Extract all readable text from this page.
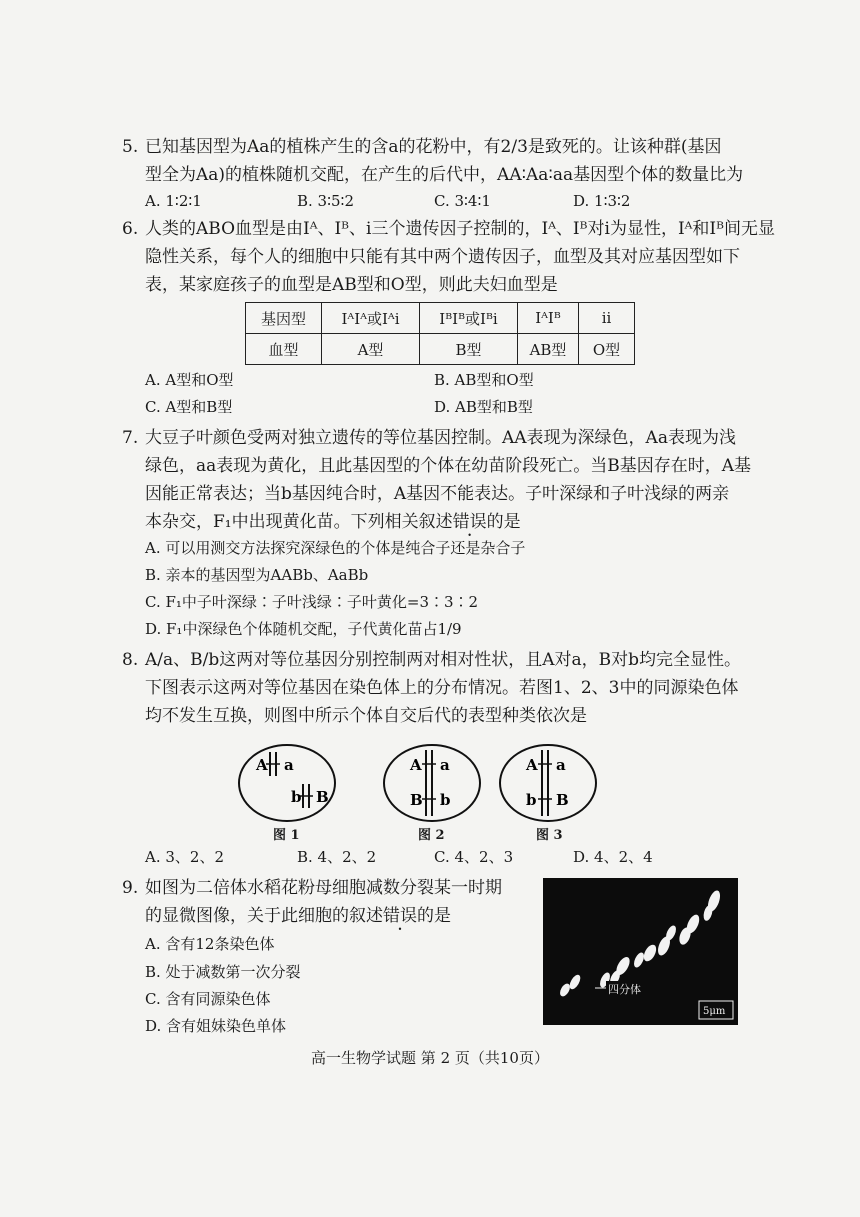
5. 已知基因型为Aa的植株产生的含a的花粉中，有2/3是致死的。让该种群(基因
型全为Aa)的植株随机交配，在产生的后代中，AA∶Aa∶aa基因型个体的数量比为
A. 1∶2∶1	B. 3∶5∶2	C. 3∶4∶1	D. 1∶3∶2
6. 人类的ABO血型是由Iᴬ、Iᴮ、i三个遗传因子控制的，Iᴬ、Iᴮ对i为显性，Iᴬ和Iᴮ间无显
隐性关系，每个人的细胞中只能有其中两个遗传因子，血型及其对应基因型如下
表，某家庭孩子的血型是AB型和O型，则此夫妇血型是
基因型	IᴬIᴬ或Iᴬi	IᴮIᴮ或Iᴮi	IᴬIᴮ	ii
血型	A型	B型	AB型	O型
A. A型和O型	B. AB型和O型
C. A型和B型	D. AB型和B型
7. 大豆子叶颜色受两对独立遗传的等位基因控制。AA表现为深绿色，Aa表现为浅
绿色，aa表现为黄化，且此基因型的个体在幼苗阶段死亡。当B基因存在时，A基
因能正常表达；当b基因纯合时，A基因不能表达。子叶深绿和子叶浅绿的两亲
本杂交，F₁中出现黄化苗。下列相关叙述错误的是
A. 可以用测交方法探究深绿色的个体是纯合子还是杂合子
B. 亲本的基因型为AABb、AaBb
C. F₁中子叶深绿∶子叶浅绿∶子叶黄化=3∶3∶2
D. F₁中深绿色个体随机交配，子代黄化苗占1/9
8. A/a、B/b这两对等位基因分别控制两对相对性状，且A对a，B对b均完全显性。
下图表示这两对等位基因在染色体上的分布情况。若图1、2、3中的同源染色体
均不发生互换，则图中所示个体自交后代的表型种类依次是
A a
b B
图 1
A a
B b
图 2
A a
b B
图 3
A. 3、2、2	B. 4、2、2	C. 4、2、3	D. 4、2、4
9. 如图为二倍体水稻花粉母细胞减数分裂某一时期
的显微图像，关于此细胞的叙述错误的是
A. 含有12条染色体
B. 处于减数第一次分裂
C. 含有同源染色体
D. 含有姐妹染色单体
四分体
5μm
高一生物学试题 第 2 页（共10页）
